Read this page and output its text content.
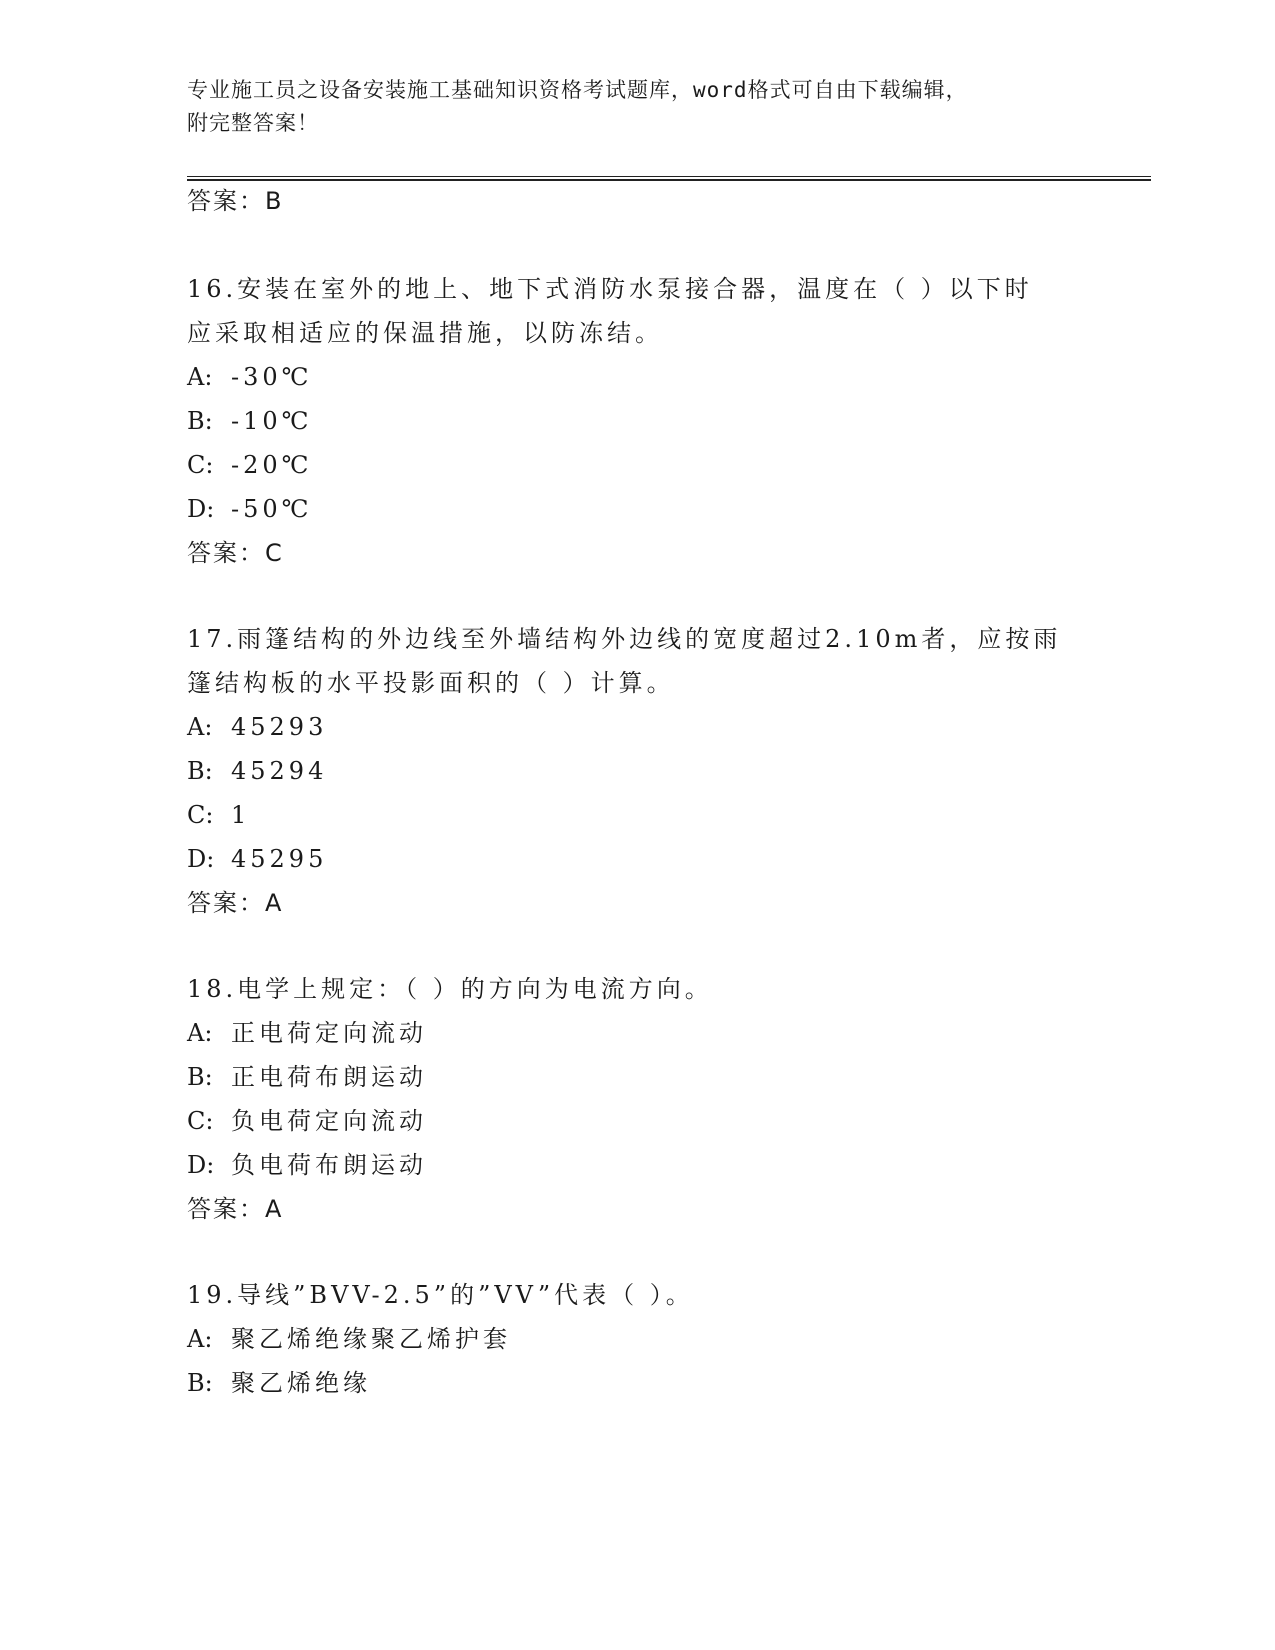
专业施工员之设备安装施工基础知识资格考试题库，word格式可自由下载编辑，
附完整答案！
答案：B
16.安装在室外的地上、地下式消防水泵接合器，温度在（ ）以下时
应采取相适应的保温措施，以防冻结。
A: -30℃
B: -10℃
C: -20℃
D: -50℃
答案：C
17.雨篷结构的外边线至外墙结构外边线的宽度超过2.10m者，应按雨
篷结构板的水平投影面积的（ ）计算。
A: 45293
B: 45294
C: 1
D: 45295
答案：A
18.电学上规定：（ ）的方向为电流方向。
A: 正电荷定向流动
B: 正电荷布朗运动
C: 负电荷定向流动
D: 负电荷布朗运动
答案：A
19.导线”BVV-2.5”的”VV”代表（ ）。
A: 聚乙烯绝缘聚乙烯护套
B: 聚乙烯绝缘
